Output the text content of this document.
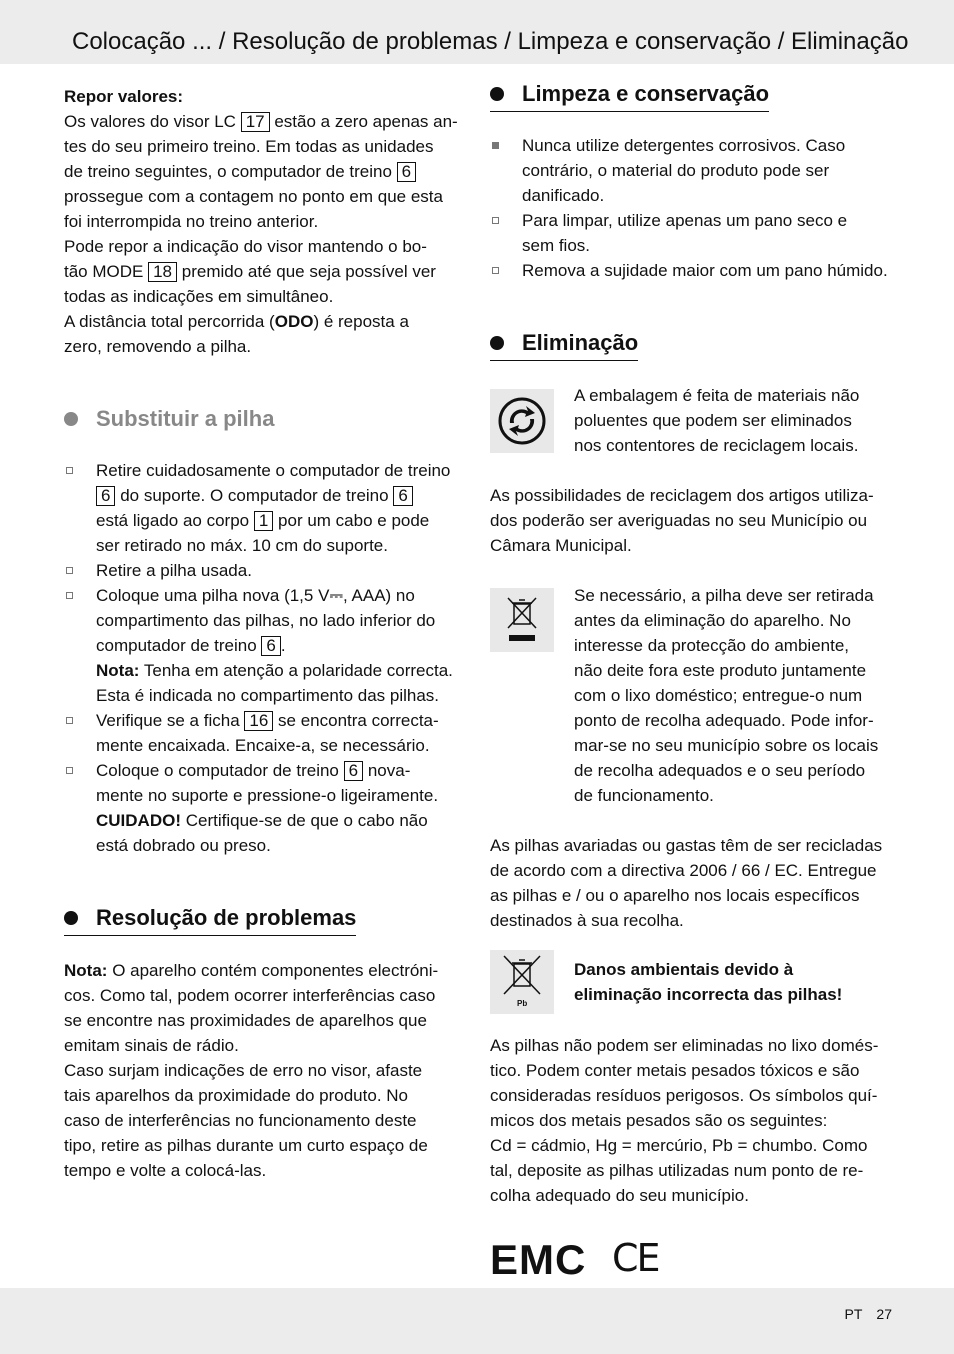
Colocação ... / Resolução de problemas / Limpeza e conservação / Eliminação

Repor valores:

Os valores do visor LC 17 estão a zero apenas an-
tes do seu primeiro treino. Em todas as unidades
de treino seguintes, o computador de treino 6
prossegue com a contagem no ponto em que esta
foi interrompida no treino anterior.
Pode repor a indicação do visor mantendo o bo-
tão MODE 18 premido até que seja possível ver
todas as indicações em simultâneo.
A distância total percorrida (ODO) é reposta a
zero, removendo a pilha.

Substituir a pilha
Retire cuidadosamente o computador de treino
6 do suporte. O computador de treino 6
está ligado ao corpo 1 por um cabo e pode
ser retirado no máx. 10 cm do suporte.
Retire a pilha usada.
Coloque uma pilha nova (1,5 V⎓, AAA) no
compartimento das pilhas, no lado inferior do
computador de treino 6 .
Nota: Tenha em atenção a polaridade correcta.
Esta é indicada no compartimento das pilhas.
Verifique se a ficha 16 se encontra correcta-
mente encaixada. Encaixe-a, se necessário.
Coloque o computador de treino 6 nova-
mente no suporte e pressione-o ligeiramente.
CUIDADO! Certifique-se de que o cabo não
está dobrado ou preso.
Resolução de problemas

Nota: O aparelho contém componentes electróni-
cos. Como tal, podem ocorrer interferências caso
se encontre nas proximidades de aparelhos que
emitam sinais de rádio.
Caso surjam indicações de erro no visor, afaste
tais aparelhos da proximidade do produto. No
caso de interferências no funcionamento deste
tipo, retire as pilhas durante um curto espaço de
tempo e volte a colocá-las.

Limpeza e conservação
Nunca utilize detergentes corrosivos. Caso
contrário, o material do produto pode ser
danificado.
Para limpar, utilize apenas um pano seco e
sem fios.
Remova a sujidade maior com um pano húmido.
Eliminação

A embalagem é feita de materiais não
poluentes que podem ser eliminados
nos contentores de reciclagem locais.

As possibilidades de reciclagem dos artigos utiliza-
dos poderão ser averiguadas no seu Município ou
Câmara Municipal.

Se necessário, a pilha deve ser retirada
antes da eliminação do aparelho. No
interesse da protecção do ambiente,
não deite fora este produto juntamente
com o lixo doméstico; entregue-o num
ponto de recolha adequado. Pode infor-
mar-se no seu município sobre os locais
de recolha adequados e o seu período
de funcionamento.

As pilhas avariadas ou gastas têm de ser recicladas
de acordo com a directiva 2006 / 66 / EC. Entregue
as pilhas e / ou o aparelho nos locais específicos
destinados à sua recolha.

Pb

Danos ambientais devido à
eliminação incorrecta das pilhas!

As pilhas não podem ser eliminadas no lixo domés-
tico. Podem conter metais pesados tóxicos e são
consideradas resíduos perigosos. Os símbolos quí-
micos dos metais pesados são os seguintes:
Cd = cádmio, Hg = mercúrio, Pb = chumbo. Como
tal, deposite as pilhas utilizadas num ponto de re-
colha adequado do seu município.

EMC CE
PT 27
